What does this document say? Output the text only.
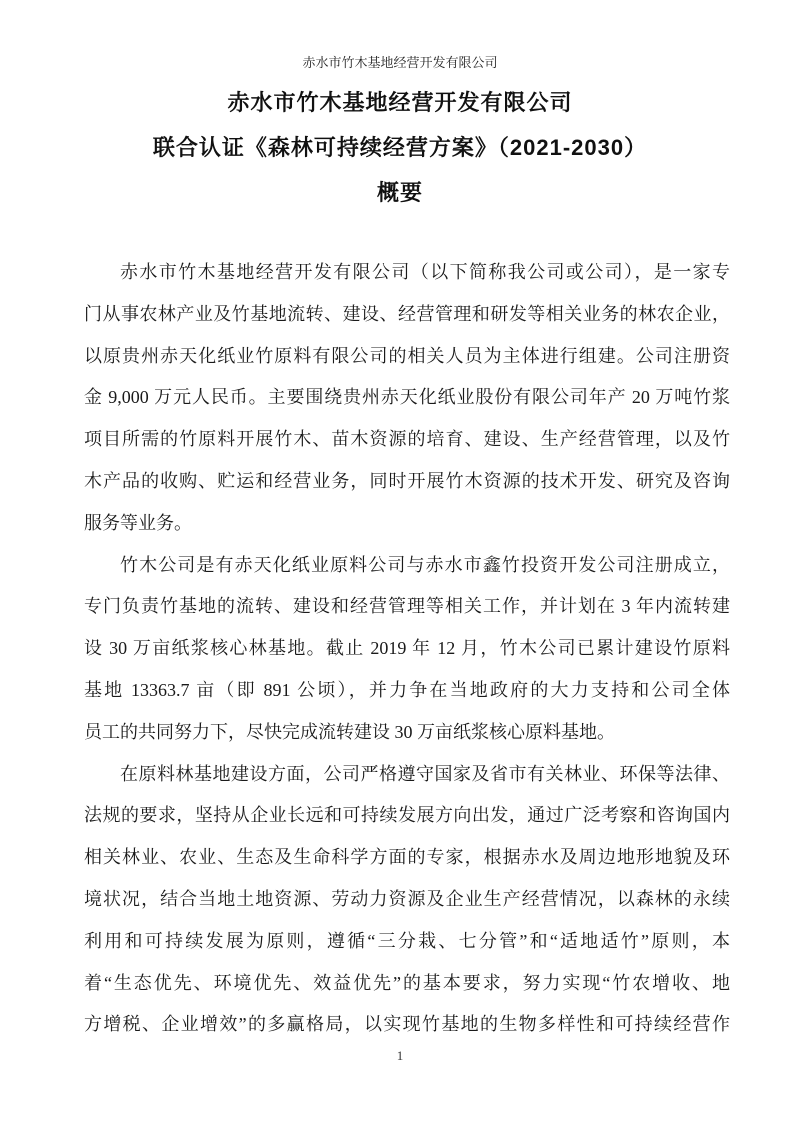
赤水市竹木基地经营开发有限公司
赤水市竹木基地经营开发有限公司
联合认证《森林可持续经营方案》（2021-2030）
概要
赤水市竹木基地经营开发有限公司（以下简称我公司或公司），是一家专
门从事农林产业及竹基地流转、建设、经营管理和研发等相关业务的林农企业，
以原贵州赤天化纸业竹原料有限公司的相关人员为主体进行组建。公司注册资
金 9,000 万元人民币。主要围绕贵州赤天化纸业股份有限公司年产 20 万吨竹浆
项目所需的竹原料开展竹木、苗木资源的培育、建设、生产经营管理，以及竹
木产品的收购、贮运和经营业务，同时开展竹木资源的技术开发、研究及咨询
服务等业务。
竹木公司是有赤天化纸业原料公司与赤水市鑫竹投资开发公司注册成立，
专门负责竹基地的流转、建设和经营管理等相关工作，并计划在 3 年内流转建
设 30 万亩纸浆核心林基地。截止 2019 年 12 月，竹木公司已累计建设竹原料
基地 13363.7 亩（即 891 公顷），并力争在当地政府的大力支持和公司全体
员工的共同努力下，尽快完成流转建设 30 万亩纸浆核心原料基地。
在原料林基地建设方面，公司严格遵守国家及省市有关林业、环保等法律、
法规的要求，坚持从企业长远和可持续发展方向出发，通过广泛考察和咨询国内
相关林业、农业、生态及生命科学方面的专家，根据赤水及周边地形地貌及环
境状况，结合当地土地资源、劳动力资源及企业生产经营情况，以森林的永续
利用和可持续发展为原则，遵循“三分栽、七分管”和“适地适竹”原则，本
着“生态优先、环境优先、效益优先”的基本要求，努力实现“竹农增收、地
方增税、企业增效”的多赢格局，以实现竹基地的生物多样性和可持续经营作
1
